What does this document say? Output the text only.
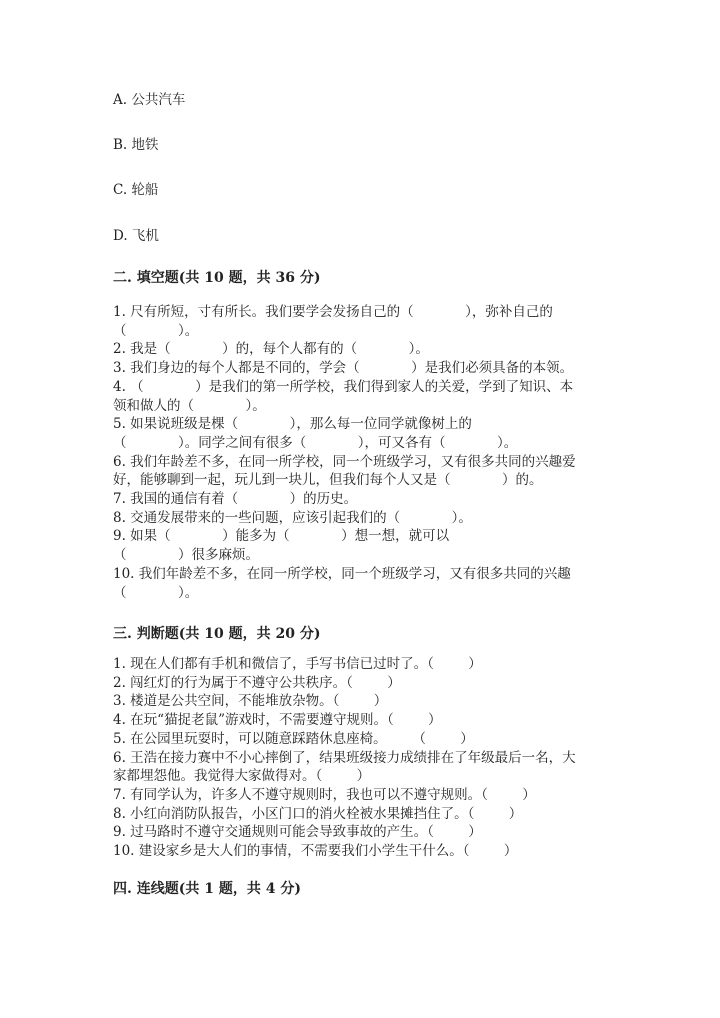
A. 公共汽车
B. 地铁
C. 轮船
D. 飞机
二. 填空题(共 10 题，共 36 分)
1. 尺有所短，寸有所长。我们要学会发扬自己的（            ），弥补自己的
（            ）。
2. 我是（            ）的，每个人都有的（            ）。
3. 我们身边的每个人都是不同的，学会（            ）是我们必须具备的本领。
4. （            ）是我们的第一所学校，我们得到家人的关爱，学到了知识、本
领和做人的（            ）。
5. 如果说班级是棵（            ），那么每一位同学就像树上的
（            ）。同学之间有很多（            ），可又各有（            ）。
6. 我们年龄差不多，在同一所学校，同一个班级学习，又有很多共同的兴趣爱
好，能够聊到一起，玩儿到一块儿，但我们每个人又是（            ）的。
7. 我国的通信有着（            ）的历史。
8. 交通发展带来的一些问题，应该引起我们的（            ）。
9. 如果（            ）能多为（            ）想一想，就可以
（            ）很多麻烦。
10. 我们年龄差不多，在同一所学校，同一个班级学习，又有很多共同的兴趣
（            ）。
三. 判断题(共 10 题，共 20 分)
1. 现在人们都有手机和微信了，手写书信已过时了。（        ）
2. 闯红灯的行为属于不遵守公共秩序。（        ）
3. 楼道是公共空间，不能堆放杂物。（        ）
4. 在玩“猫捉老鼠”游戏时，不需要遵守规则。（        ）
5. 在公园里玩耍时，可以随意踩踏休息座椅。      （        ）
6. 王浩在接力赛中不小心摔倒了，结果班级接力成绩排在了年级最后一名，大
家都埋怨他。我觉得大家做得对。（        ）
7. 有同学认为，许多人不遵守规则时，我也可以不遵守规则。（        ）
8. 小红向消防队报告，小区门口的消火栓被水果摊挡住了。（        ）
9. 过马路时不遵守交通规则可能会导致事故的产生。（        ）
10. 建设家乡是大人们的事情，不需要我们小学生干什么。（        ）
四. 连线题(共 1 题，共 4 分)
